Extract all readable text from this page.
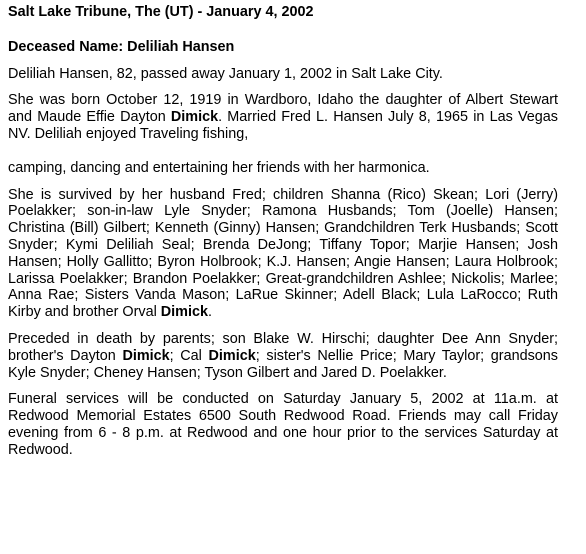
Salt Lake Tribune, The (UT) - January 4, 2002
Deceased Name: Deliliah Hansen

Deliliah Hansen, 82, passed away January 1, 2002 in Salt Lake City.

She was born October 12, 1919 in Wardboro, Idaho the daughter of Albert Stewart and Maude Effie Dayton Dimick. Married Fred L. Hansen July 8, 1965 in Las Vegas NV. Deliliah enjoyed Traveling fishing,

camping, dancing and entertaining her friends with her harmonica.

She is survived by her husband Fred; children Shanna (Rico) Skean; Lori (Jerry) Poelakker; son-in-law Lyle Snyder; Ramona Husbands; Tom (Joelle) Hansen; Christina (Bill) Gilbert; Kenneth (Ginny) Hansen; Grandchildren Terk Husbands; Scott Snyder; Kymi Deliliah Seal; Brenda DeJong; Tiffany Topor; Marjie Hansen; Josh Hansen; Holly Gallitto; Byron Holbrook; K.J. Hansen; Angie Hansen; Laura Holbrook; Larissa Poelakker; Brandon Poelakker; Great-grandchildren Ashlee; Nickolis; Marlee; Anna Rae; Sisters Vanda Mason; LaRue Skinner; Adell Black; Lula LaRocco; Ruth Kirby and brother Orval Dimick.

Preceded in death by parents; son Blake W. Hirschi; daughter Dee Ann Snyder; brother's Dayton Dimick; Cal Dimick; sister's Nellie Price; Mary Taylor; grandsons Kyle Snyder; Cheney Hansen; Tyson Gilbert and Jared D. Poelakker.

Funeral services will be conducted on Saturday January 5, 2002 at 11a.m. at Redwood Memorial Estates 6500 South Redwood Road. Friends may call Friday evening from 6 - 8 p.m. at Redwood and one hour prior to the services Saturday at Redwood.
